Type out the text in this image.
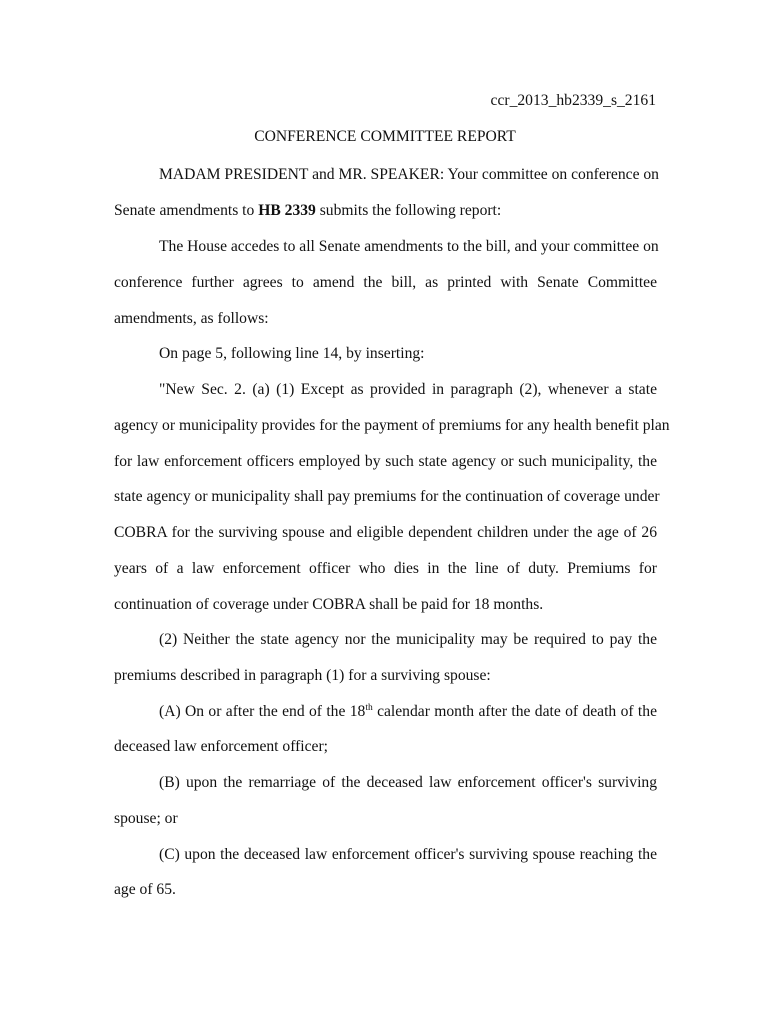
ccr_2013_hb2339_s_2161
CONFERENCE COMMITTEE REPORT
MADAM PRESIDENT and MR. SPEAKER: Your committee on conference on
Senate amendments to HB 2339 submits the following report:
The House accedes to all Senate amendments to the bill, and your committee on
conference further agrees to amend the bill, as printed with Senate Committee
amendments, as follows:
On page 5, following line 14, by inserting:
"New Sec. 2. (a) (1) Except as provided in paragraph (2), whenever a state
agency or municipality provides for the payment of premiums for any health benefit plan
for law enforcement officers employed by such state agency or such municipality, the
state agency or municipality shall pay premiums for the continuation of coverage under
COBRA for the surviving spouse and eligible dependent children under the age of 26
years of a law enforcement officer who dies in the line of duty. Premiums for
continuation of coverage under COBRA shall be paid for 18 months.
(2) Neither the state agency nor the municipality may be required to pay the
premiums described in paragraph (1) for a surviving spouse:
(A) On or after the end of the 18th calendar month after the date of death of the
deceased law enforcement officer;
(B) upon the remarriage of the deceased law enforcement officer's surviving
spouse; or
(C) upon the deceased law enforcement officer's surviving spouse reaching the
age of 65.
